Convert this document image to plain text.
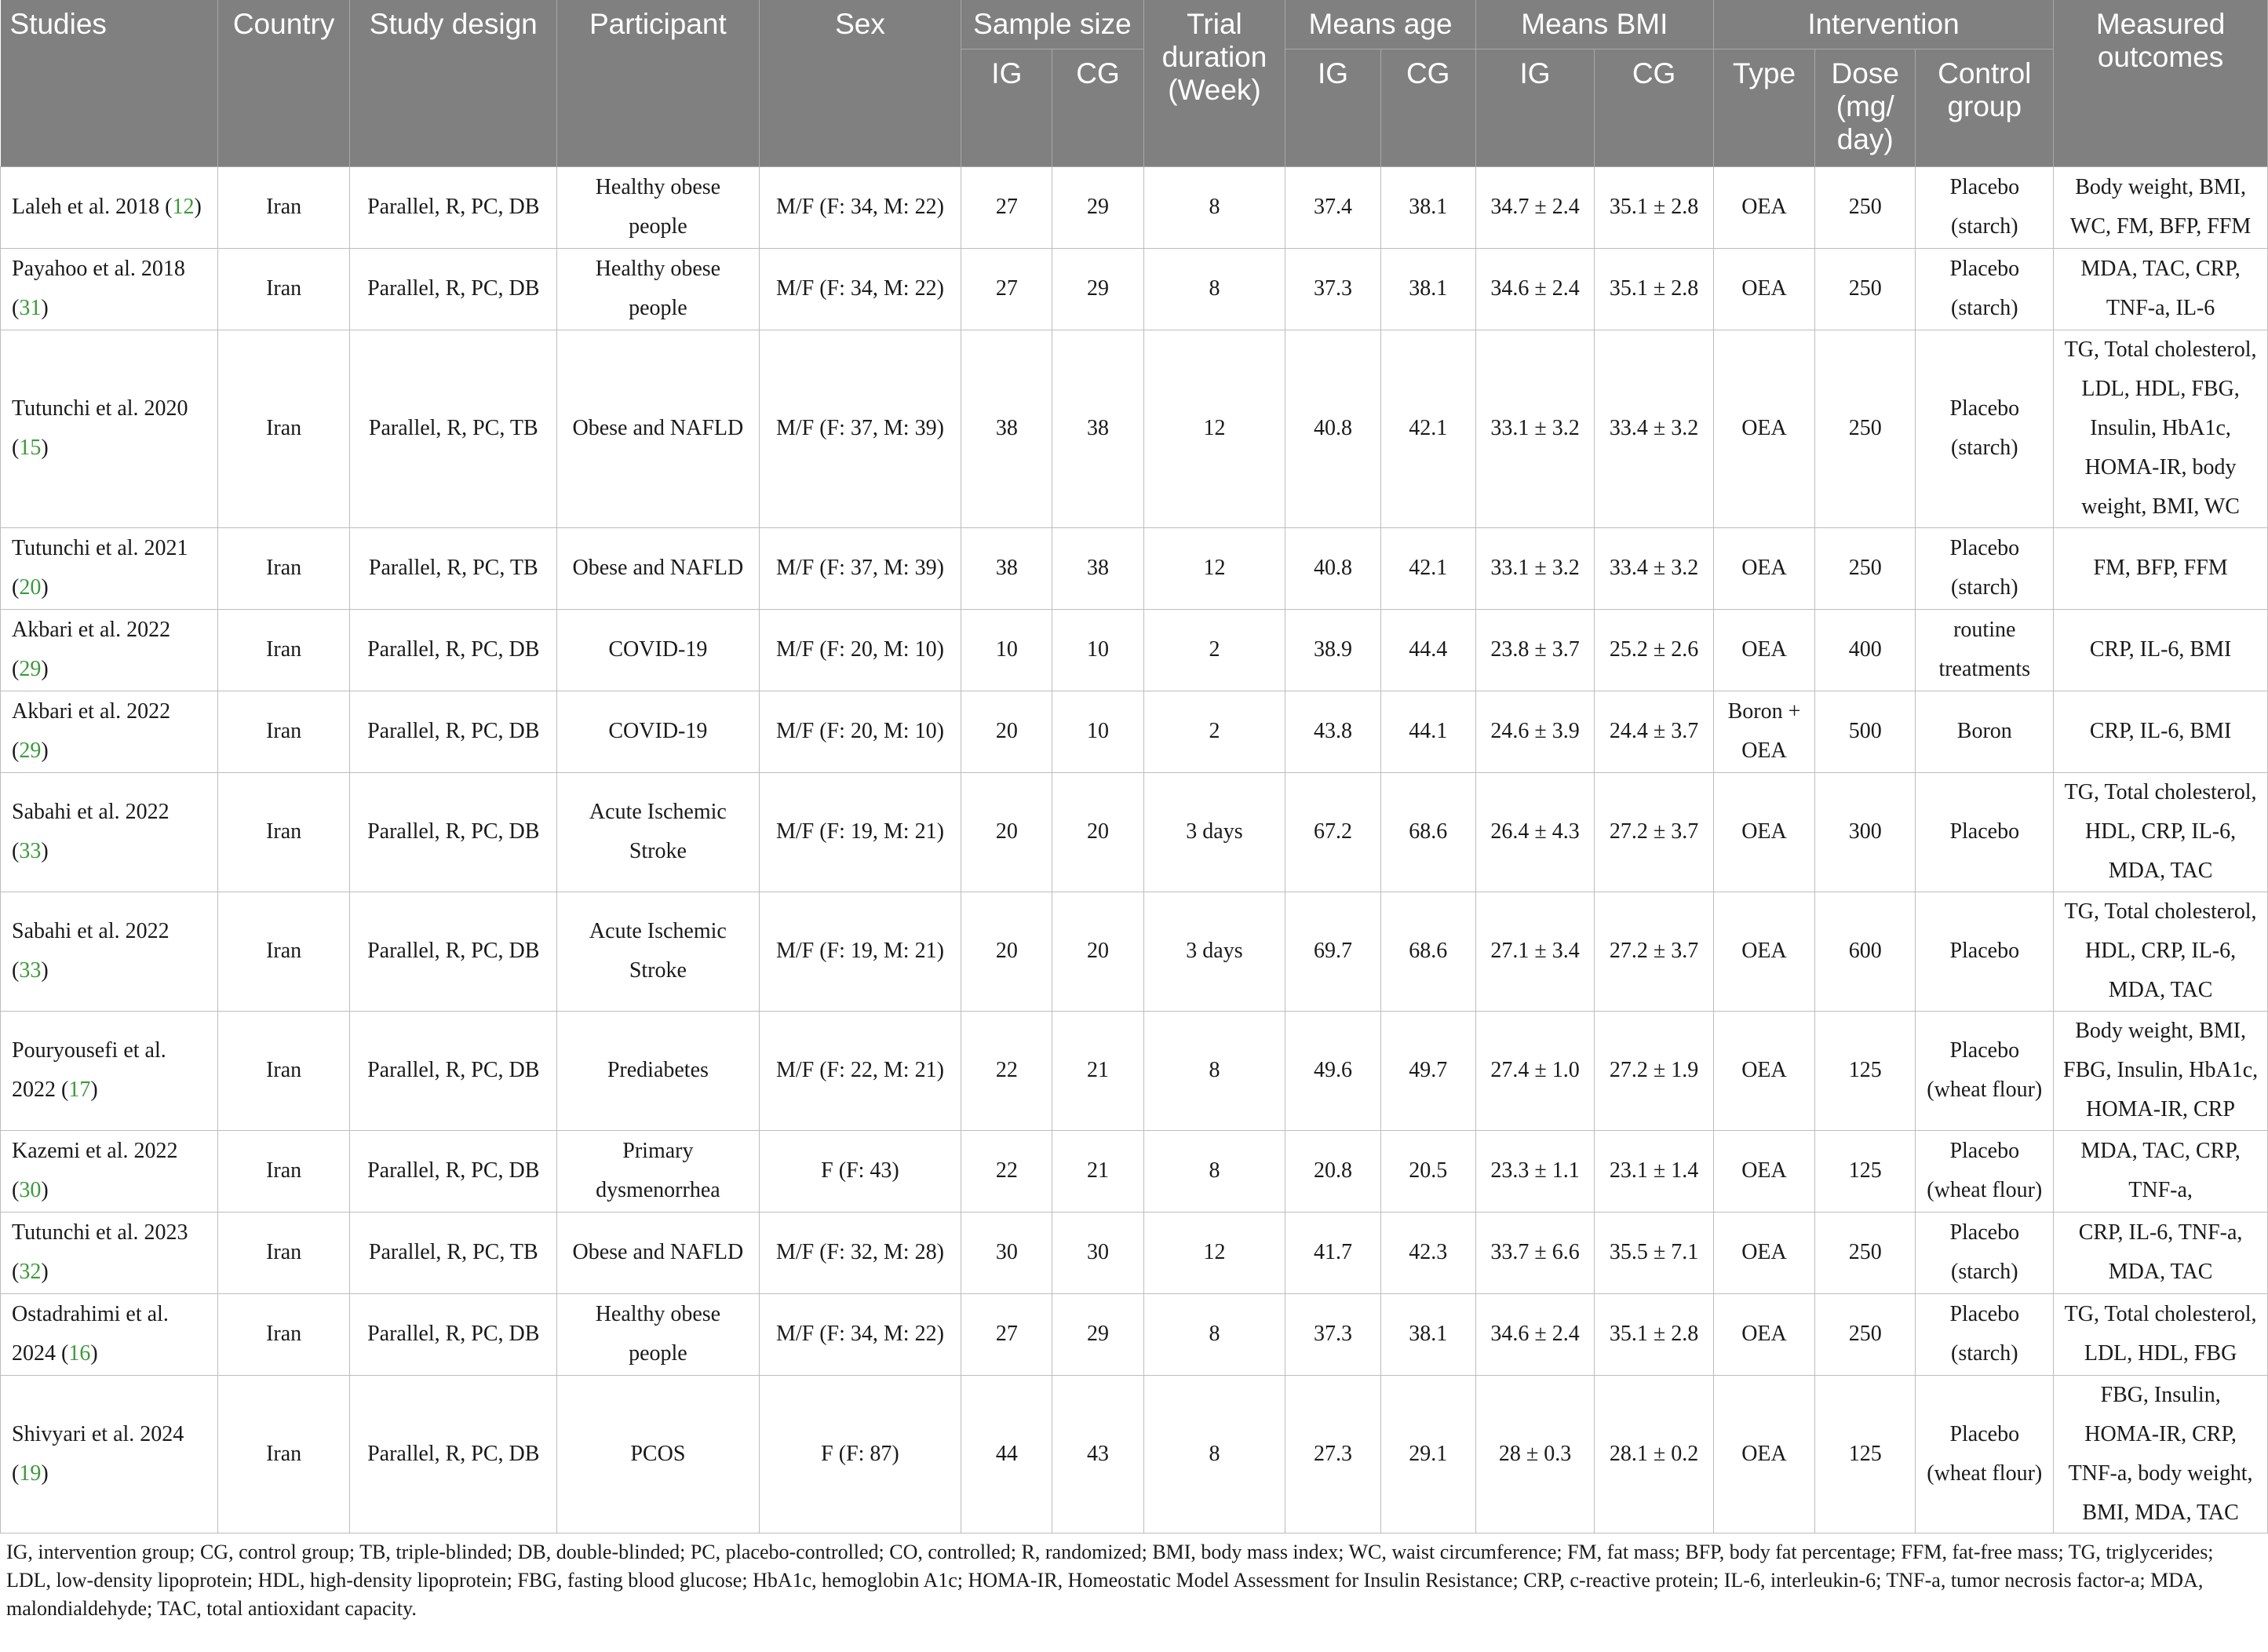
Studies	Country	Study design	Participant	Sex	Sample size		Trial duration (Week)	Means age		Means BMI		Intervention			Measured outcomes
					IG	CG		IG	CG	IG	CG	Type	Dose (mg/ day)	Control group	
Laleh et al. 2018 (12)	Iran	Parallel, R, PC, DB	Healthy obese people	M/F (F: 34, M: 22)	27	29	8	37.4	38.1	34.7 ± 2.4	35.1 ± 2.8	OEA	250	Placebo (starch)	Body weight, BMI, WC, FM, BFP, FFM
Payahoo et al. 2018 (31)	Iran	Parallel, R, PC, DB	Healthy obese people	M/F (F: 34, M: 22)	27	29	8	37.3	38.1	34.6 ± 2.4	35.1 ± 2.8	OEA	250	Placebo (starch)	MDA, TAC, CRP, TNF-a, IL-6
Tutunchi et al. 2020 (15)	Iran	Parallel, R, PC, TB	Obese and NAFLD	M/F (F: 37, M: 39)	38	38	12	40.8	42.1	33.1 ± 3.2	33.4 ± 3.2	OEA	250	Placebo (starch)	TG, Total cholesterol, LDL, HDL, FBG, Insulin, HbA1c, HOMA-IR, body weight, BMI, WC
Tutunchi et al. 2021 (20)	Iran	Parallel, R, PC, TB	Obese and NAFLD	M/F (F: 37, M: 39)	38	38	12	40.8	42.1	33.1 ± 3.2	33.4 ± 3.2	OEA	250	Placebo (starch)	FM, BFP, FFM
Akbari et al. 2022 (29)	Iran	Parallel, R, PC, DB	COVID-19	M/F (F: 20, M: 10)	10	10	2	38.9	44.4	23.8 ± 3.7	25.2 ± 2.6	OEA	400	routine treatments	CRP, IL-6, BMI
Akbari et al. 2022 (29)	Iran	Parallel, R, PC, DB	COVID-19	M/F (F: 20, M: 10)	20	10	2	43.8	44.1	24.6 ± 3.9	24.4 ± 3.7	Boron + OEA	500	Boron	CRP, IL-6, BMI
Sabahi et al. 2022 (33)	Iran	Parallel, R, PC, DB	Acute Ischemic Stroke	M/F (F: 19, M: 21)	20	20	3 days	67.2	68.6	26.4 ± 4.3	27.2 ± 3.7	OEA	300	Placebo	TG, Total cholesterol, HDL, CRP, IL-6, MDA, TAC
Sabahi et al. 2022 (33)	Iran	Parallel, R, PC, DB	Acute Ischemic Stroke	M/F (F: 19, M: 21)	20	20	3 days	69.7	68.6	27.1 ± 3.4	27.2 ± 3.7	OEA	600	Placebo	TG, Total cholesterol, HDL, CRP, IL-6, MDA, TAC
Pouryousefi et al. 2022 (17)	Iran	Parallel, R, PC, DB	Prediabetes	M/F (F: 22, M: 21)	22	21	8	49.6	49.7	27.4 ± 1.0	27.2 ± 1.9	OEA	125	Placebo (wheat flour)	Body weight, BMI, FBG, Insulin, HbA1c, HOMA-IR, CRP
Kazemi et al. 2022 (30)	Iran	Parallel, R, PC, DB	Primary dysmenorrhea	F (F: 43)	22	21	8	20.8	20.5	23.3 ± 1.1	23.1 ± 1.4	OEA	125	Placebo (wheat flour)	MDA, TAC, CRP, TNF-a,
Tutunchi et al. 2023 (32)	Iran	Parallel, R, PC, TB	Obese and NAFLD	M/F (F: 32, M: 28)	30	30	12	41.7	42.3	33.7 ± 6.6	35.5 ± 7.1	OEA	250	Placebo (starch)	CRP, IL-6, TNF-a, MDA, TAC
Ostadrahimi et al. 2024 (16)	Iran	Parallel, R, PC, DB	Healthy obese people	M/F (F: 34, M: 22)	27	29	8	37.3	38.1	34.6 ± 2.4	35.1 ± 2.8	OEA	250	Placebo (starch)	TG, Total cholesterol, LDL, HDL, FBG
Shivyari et al. 2024 (19)	Iran	Parallel, R, PC, DB	PCOS	F (F: 87)	44	43	8	27.3	29.1	28 ± 0.3	28.1 ± 0.2	OEA	125	Placebo (wheat flour)	FBG, Insulin, HOMA-IR, CRP, TNF-a, body weight, BMI, MDA, TAC
IG, intervention group; CG, control group; TB, triple-blinded; DB, double-blinded; PC, placebo-controlled; CO, controlled; R, randomized; BMI, body mass index; WC, waist circumference; FM, fat mass; BFP, body fat percentage; FFM, fat-free mass; TG, triglycerides; LDL, low-density lipoprotein; HDL, high-density lipoprotein; FBG, fasting blood glucose; HbA1c, hemoglobin A1c; HOMA-IR, Homeostatic Model Assessment for Insulin Resistance; CRP, c-reactive protein; IL-6, interleukin-6; TNF-a, tumor necrosis factor-a; MDA, malondialdehyde; TAC, total antioxidant capacity.
